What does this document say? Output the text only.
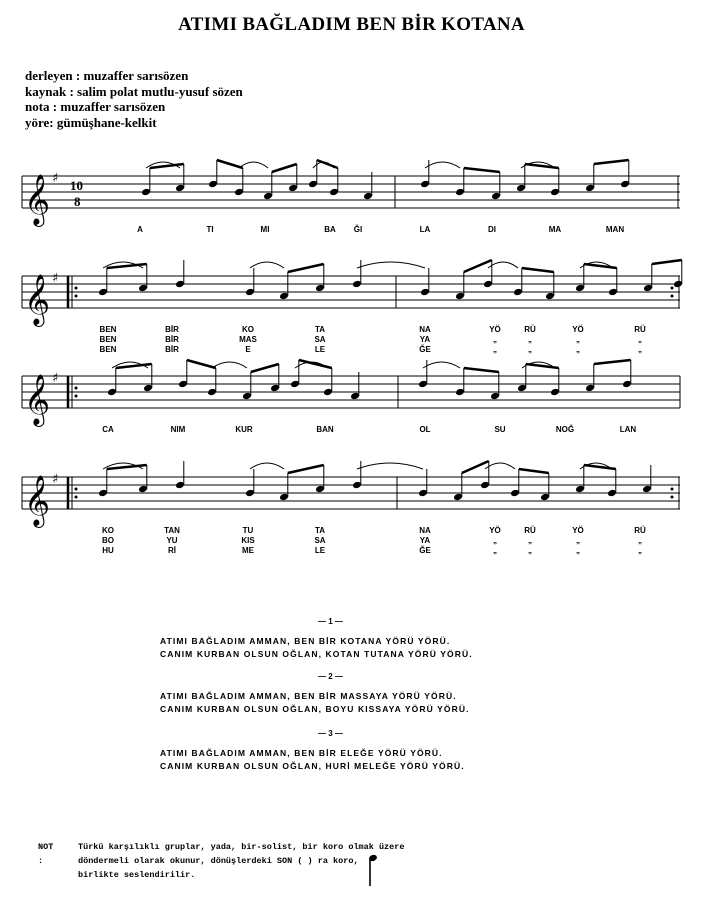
ATIMI BAĞLADIM BEN BİR KOTANA
derleyen : muzaffer sarısözen
kaynak : salim polat mutlu-yusuf sözen
nota : muzaffer sarısözen
yöre: gümüşhane-kelkit
𝄞 ♯ 10
8
𝄞 ♯
𝄞 ♯
𝄞 ♯
A	TI	MI	BA ĞI	LA	DI	MA	MAN
BEN	BİR	KO	TA	NA	YÖ	RÜ	YÖ	RÜ
BEN	BİR	MAS	SA	YA	„	„	„	„
BEN	BİR	E	LE	ĞE	„	„	„	„
CA	NIM	KUR	BAN	OL	SU	NOĞ	LAN
KO	TAN	TU	TA	NA	YÖ	RÜ	YÖ	RÜ
BO	YU	KIS	SA	YA	„	„	„	„
HU	Rİ	ME	LE	ĞE	„	„	„	„
— 1 —
ATIMI BAĞLADIM AMMAN, BEN BİR KOTANA YÖRÜ YÖRÜ.
CANIM KURBAN OLSUN OĞLAN, KOTAN TUTANA YÖRÜ YÖRÜ.
— 2 —
ATIMI BAĞLADIM AMMAN, BEN BİR MASSAYA YÖRÜ YÖRÜ.
CANIM KURBAN OLSUN OĞLAN, BOYU KISSAYA YÖRÜ YÖRÜ.
— 3 —
ATIMI BAĞLADIM AMMAN, BEN BİR ELEĞE YÖRÜ YÖRÜ.
CANIM KURBAN OLSUN OĞLAN, HURİ MELEĞE YÖRÜ YÖRÜ.
NOT :
Türkü karşılıklı gruplar, yada, bir-solist, bir koro olmak üzere
döndermeli olarak okunur, dönüşlerdeki SON ( ) ra koro,
birlikte seslendirilir.
